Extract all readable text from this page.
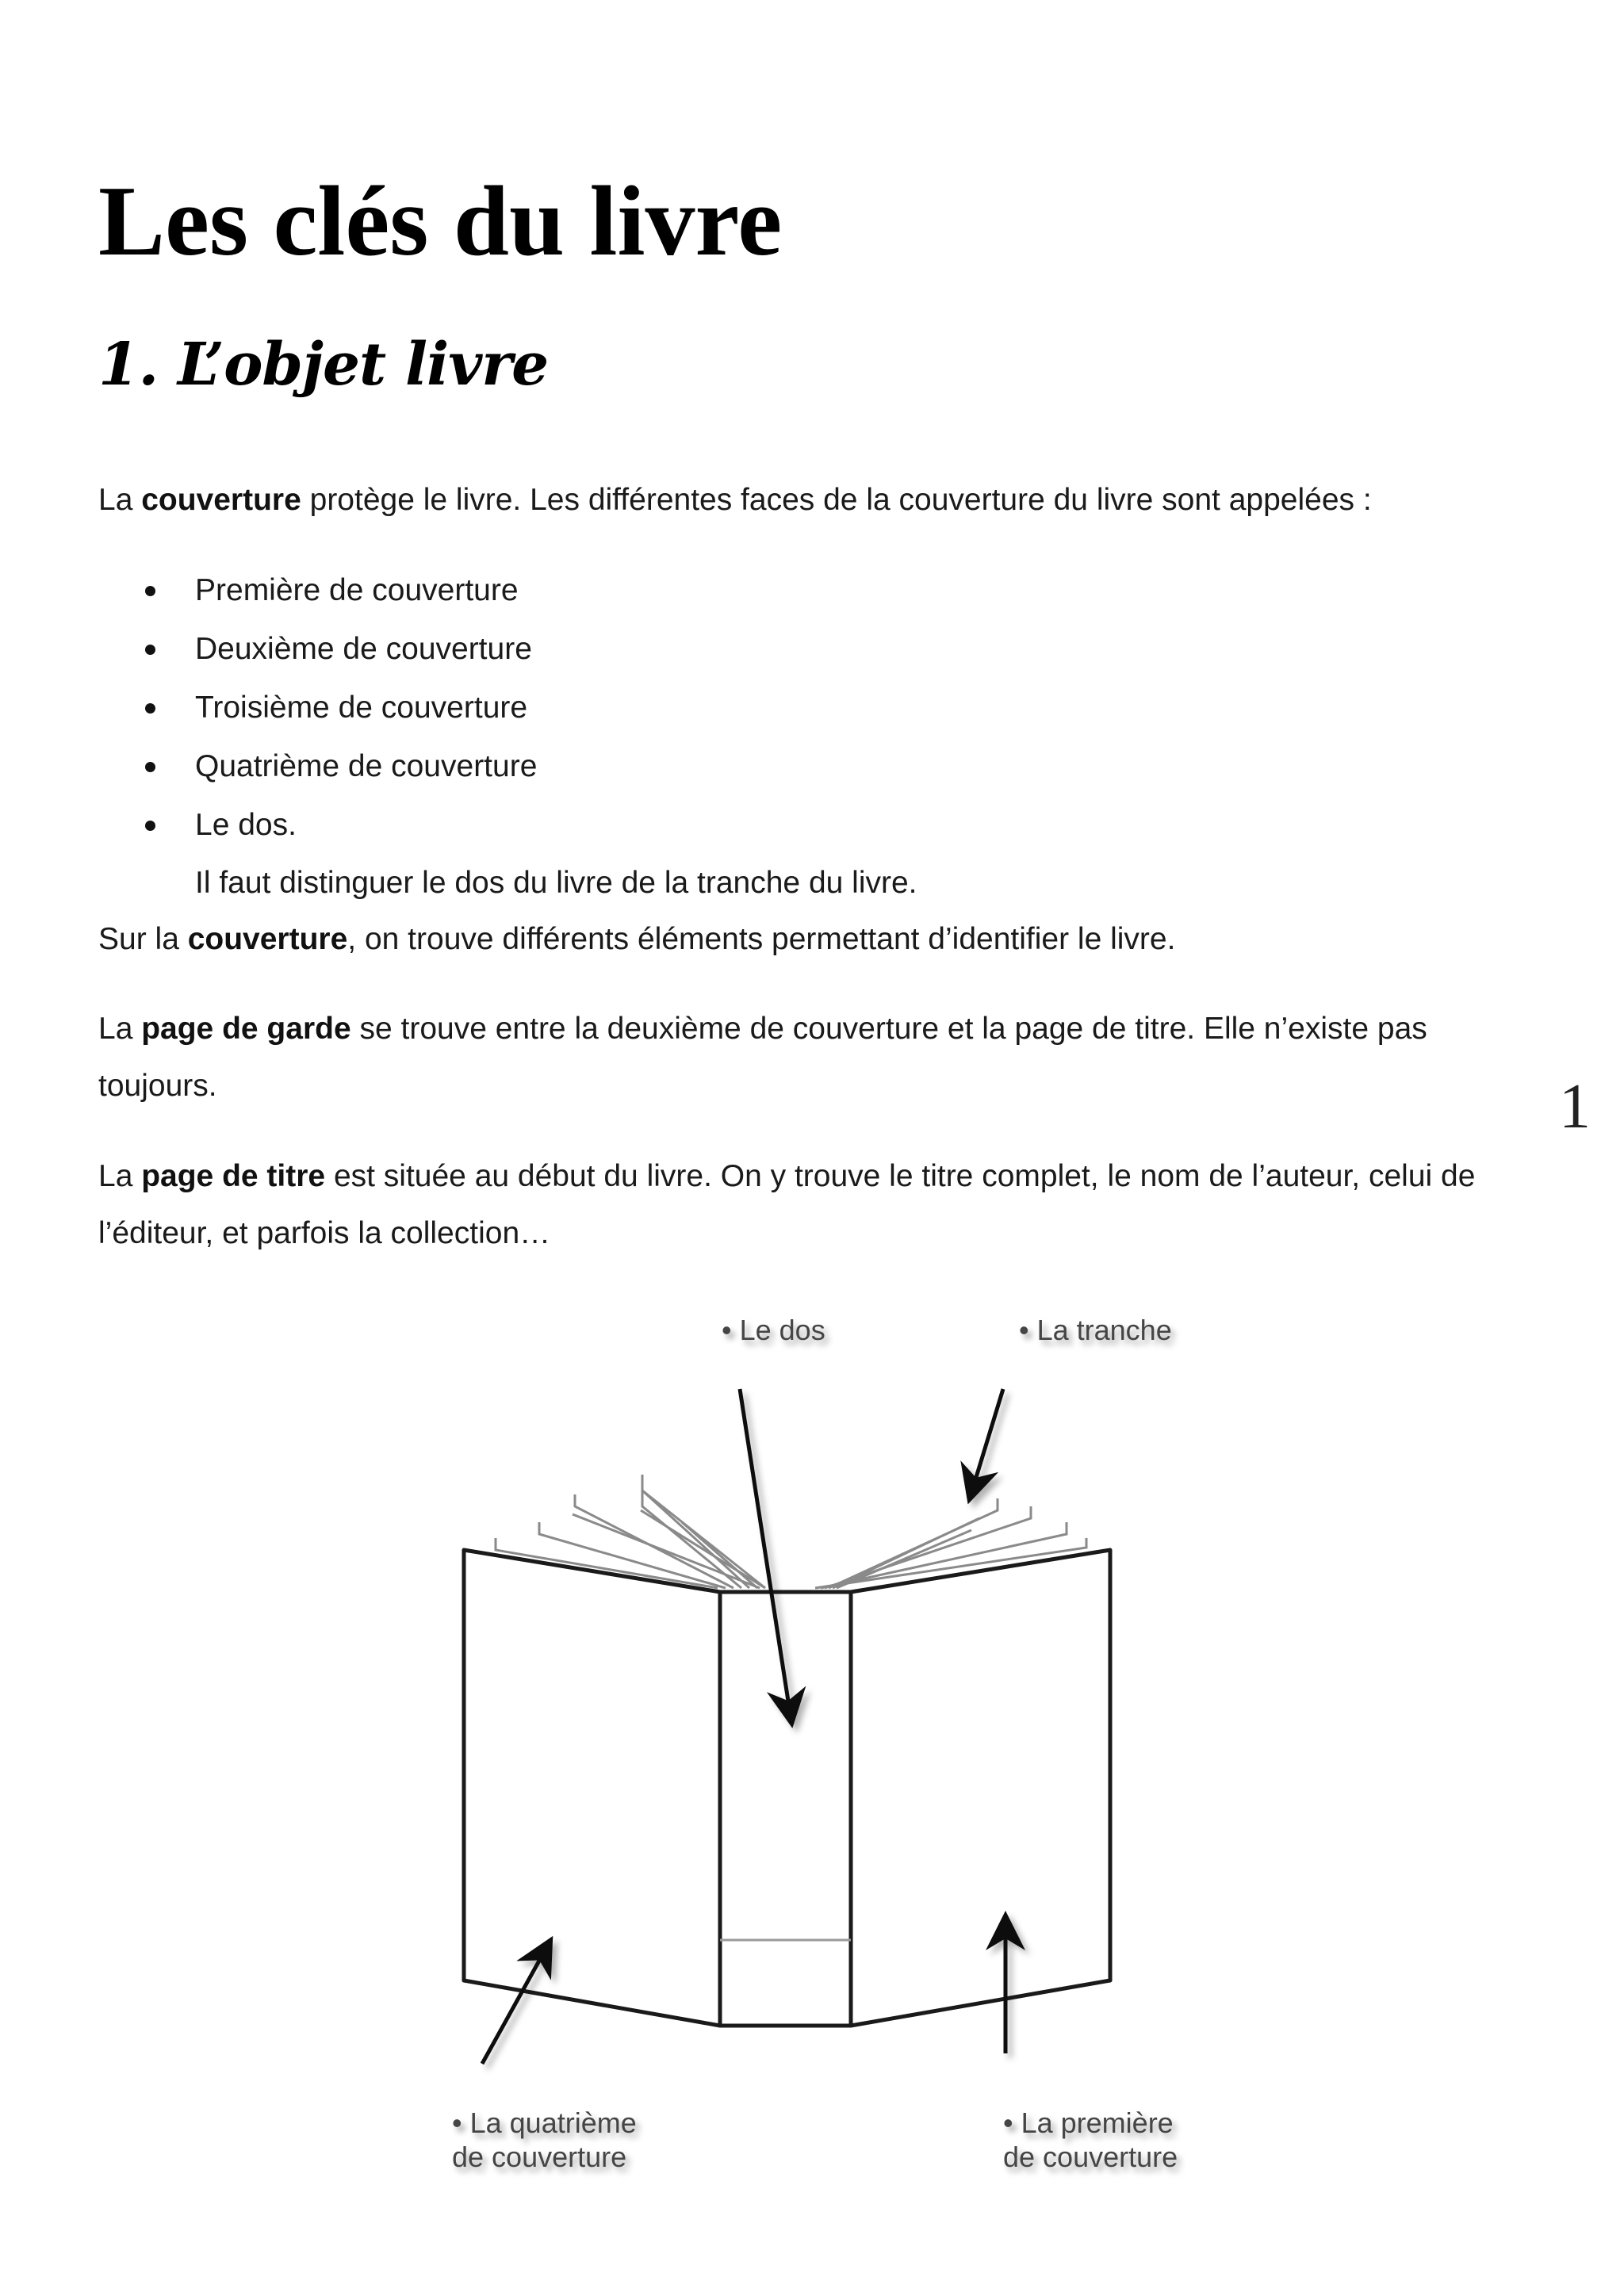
Les clés du livre
1. L’objet livre

La couverture protège le livre. Les différentes faces de la couverture du livre sont appelées :

Première de couverture
Deuxième de couverture
Troisième de couverture
Quatrième de couverture
Le dos.

Il faut distinguer le dos du livre de la tranche du livre.

Sur la couverture, on trouve différents éléments permettant d’identifier le livre.

La page de garde se trouve entre la deuxième de couverture et la page de titre. Elle n’existe pas toujours.

La page de titre est située au début du livre. On y trouve le titre complet, le nom de l’auteur, celui de l’éditeur, et parfois la collection…

1
• Le dos	• La tranche
• La quatrième
de couverture
• La première
de couverture
